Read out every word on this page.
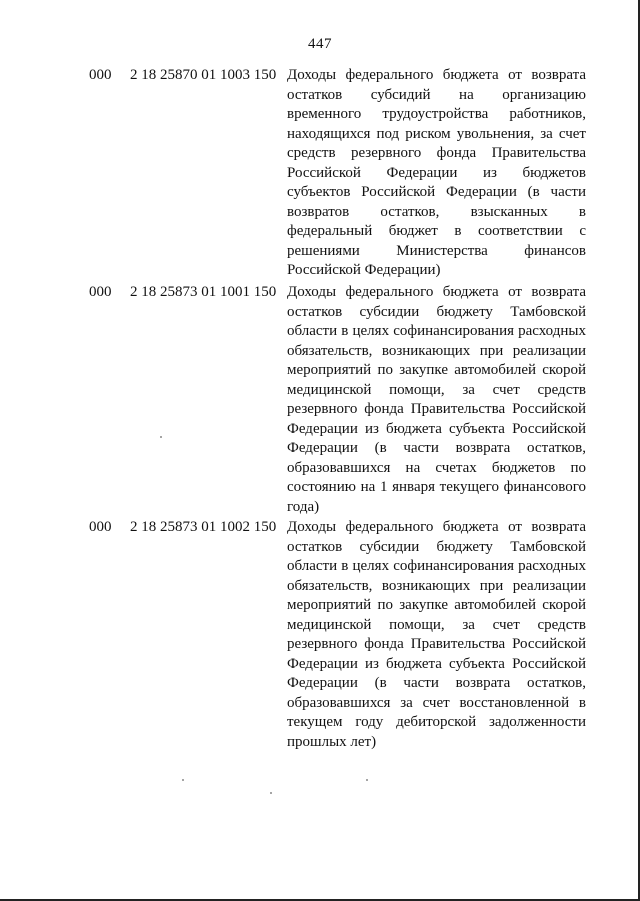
447
000 2 18 25870 01 1003 150 Доходы федерального бюджета от возврата
остатков субсидий на организацию
временного трудоустройства работников,
находящихся под риском увольнения, за счет
средств резервного фонда Правительства
Российской Федерации из бюджетов
субъектов Российской Федерации (в части
возвратов остатков, взысканных в
федеральный бюджет в соответствии с
решениями Министерства финансов
Российской Федерации)
000 2 18 25873 01 1001 150 Доходы федерального бюджета от возврата
остатков субсидии бюджету Тамбовской
области в целях софинансирования расходных
обязательств, возникающих при реализации
мероприятий по закупке автомобилей скорой
медицинской помощи, за счет средств
резервного фонда Правительства Российской
Федерации из бюджета субъекта Российской
Федерации (в части возврата остатков,
образовавшихся на счетах бюджетов по
состоянию на 1 января текущего финансового
года)
000 2 18 25873 01 1002 150 Доходы федерального бюджета от возврата
остатков субсидии бюджету Тамбовской
области в целях софинансирования расходных
обязательств, возникающих при реализации
мероприятий по закупке автомобилей скорой
медицинской помощи, за счет средств
резервного фонда Правительства Российской
Федерации из бюджета субъекта Российской
Федерации (в части возврата остатков,
образовавшихся за счет восстановленной в
текущем году дебиторской задолженности
прошлых лет)
